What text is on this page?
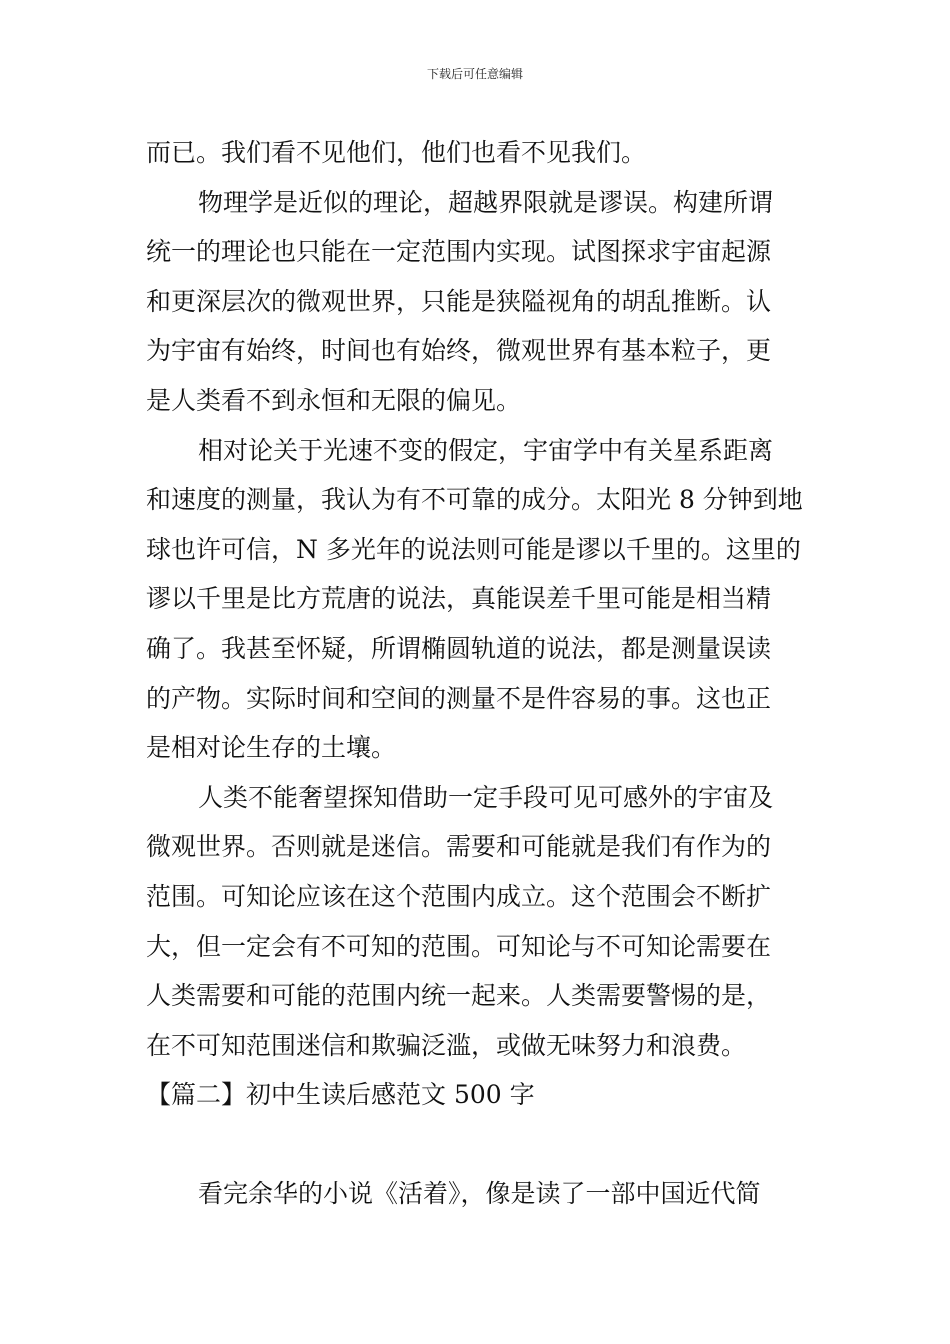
下载后可任意编辑
而已。我们看不见他们，他们也看不见我们。
物理学是近似的理论，超越界限就是谬误。构建所谓
统一的理论也只能在一定范围内实现。试图探求宇宙起源
和更深层次的微观世界，只能是狭隘视角的胡乱推断。认
为宇宙有始终，时间也有始终，微观世界有基本粒子，更
是人类看不到永恒和无限的偏见。
相对论关于光速不变的假定，宇宙学中有关星系距离
和速度的测量，我认为有不可靠的成分。太阳光 8 分钟到地
球也许可信，N 多光年的说法则可能是谬以千里的。这里的
谬以千里是比方荒唐的说法，真能误差千里可能是相当精
确了。我甚至怀疑，所谓椭圆轨道的说法，都是测量误读
的产物。实际时间和空间的测量不是件容易的事。这也正
是相对论生存的土壤。
人类不能奢望探知借助一定手段可见可感外的宇宙及
微观世界。否则就是迷信。需要和可能就是我们有作为的
范围。可知论应该在这个范围内成立。这个范围会不断扩
大，但一定会有不可知的范围。可知论与不可知论需要在
人类需要和可能的范围内统一起来。人类需要警惕的是，
在不可知范围迷信和欺骗泛滥，或做无味努力和浪费。
【篇二】初中生读后感范文 500 字
看完余华的小说《活着》，像是读了一部中国近代简
